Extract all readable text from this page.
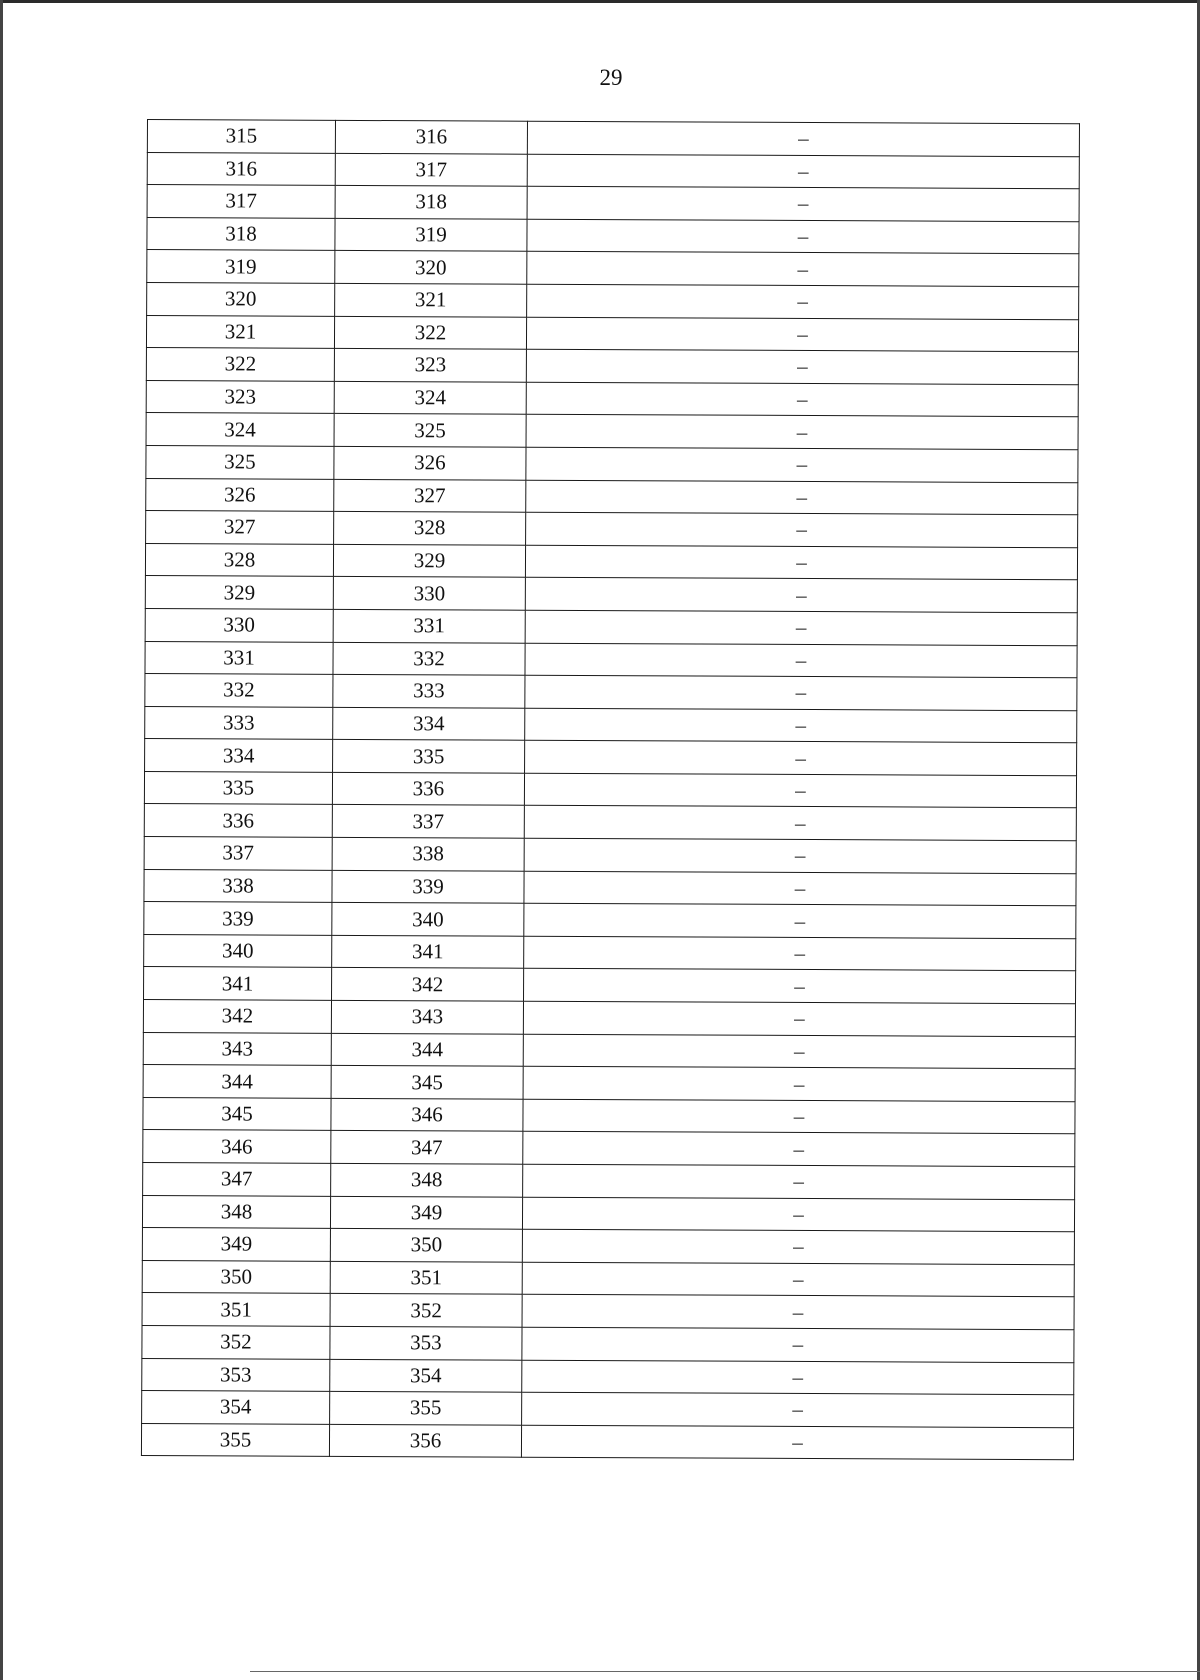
29
315	316	–
316	317	–
317	318	–
318	319	–
319	320	–
320	321	–
321	322	–
322	323	–
323	324	–
324	325	–
325	326	–
326	327	–
327	328	–
328	329	–
329	330	–
330	331	–
331	332	–
332	333	–
333	334	–
334	335	–
335	336	–
336	337	–
337	338	–
338	339	–
339	340	–
340	341	–
341	342	–
342	343	–
343	344	–
344	345	–
345	346	–
346	347	–
347	348	–
348	349	–
349	350	–
350	351	–
351	352	–
352	353	–
353	354	–
354	355	–
355	356	–
